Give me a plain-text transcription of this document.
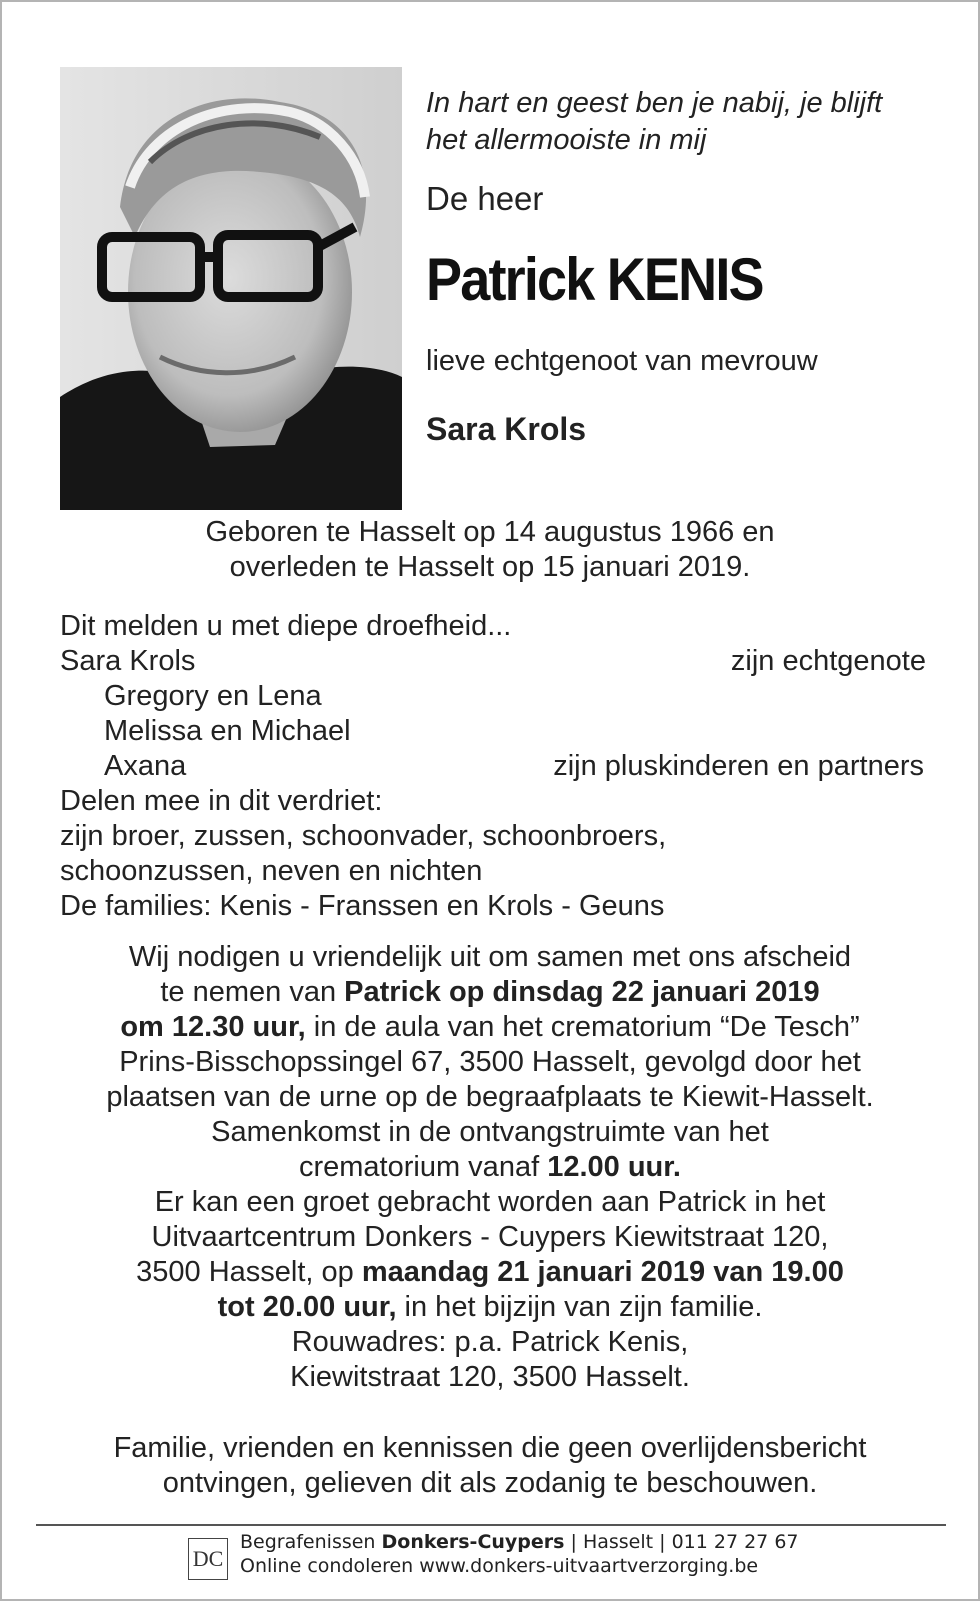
In hart en geest ben je nabij, je blijft

het allermooiste in mij

De heer
Patrick KENIS
lieve echtgenoot van mevrouw
Sara Krols
Geboren te Hasselt op 14 augustus 1966 en
overleden te Hasselt op 15 januari 2019.
Dit melden u met diepe droefheid...
Sara Krols	zijn echtgenote
Gregory en Lena
Melissa en Michael
Axana	zijn pluskinderen en partners
Delen mee in dit verdriet:
zijn broer, zussen, schoonvader, schoonbroers,
schoonzussen, neven en nichten
De families: Kenis - Franssen en Krols - Geuns
Wij nodigen u vriendelijk uit om samen met ons afscheid
te nemen van Patrick op dinsdag 22 januari 2019
om 12.30 uur, in de aula van het crematorium “De Tesch”
Prins-Bisschopssingel 67, 3500 Hasselt, gevolgd door het
plaatsen van de urne op de begraafplaats te Kiewit-Hasselt.
Samenkomst in de ontvangstruimte van het
crematorium vanaf 12.00 uur.
Er kan een groet gebracht worden aan Patrick in het
Uitvaartcentrum Donkers - Cuypers Kiewitstraat 120,
3500 Hasselt, op maandag 21 januari 2019 van 19.00
tot 20.00 uur, in het bijzijn van zijn familie.
Rouwadres: p.a. Patrick Kenis,
Kiewitstraat 120, 3500 Hasselt.
Familie, vrienden en kennissen die geen overlijdensbericht
ontvingen, gelieven dit als zodanig te beschouwen.
DC
Begrafenissen Donkers-Cuypers | Hasselt | 011 27 27 67
Online condoleren www.donkers-uitvaartverzorging.be
